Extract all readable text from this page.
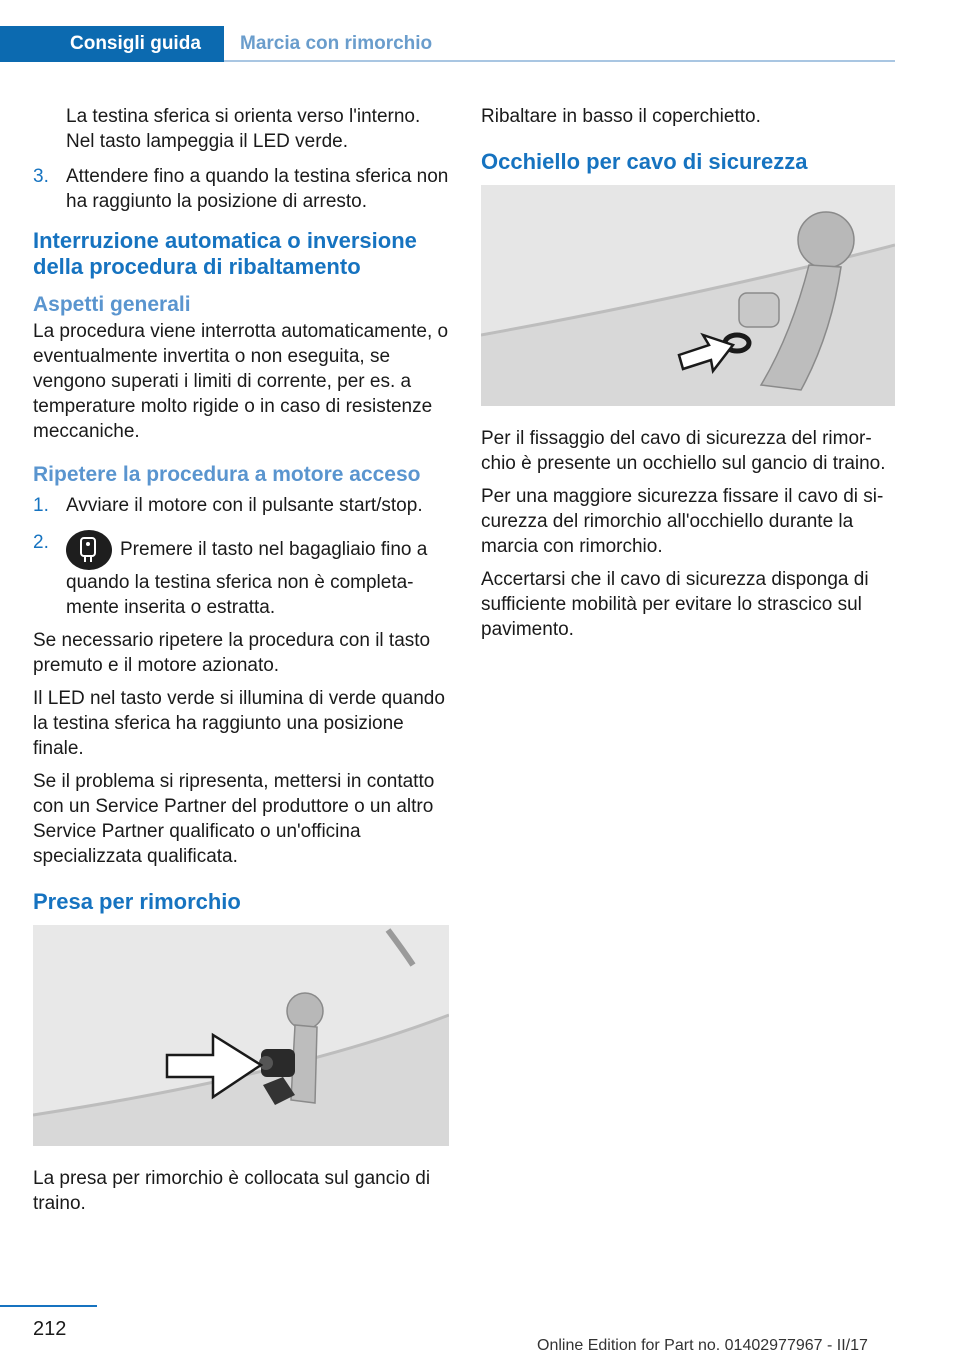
Consigli guida	Marcia con rimorchio
La testina sferica si orienta verso l'interno. Nel tasto lampeggia il LED verde.
3. Attendere fino a quando la testina sferica non ha raggiunto la posizione di arresto.
Interruzione automatica o inversione della procedura di ribaltamento
Aspetti generali

La procedura viene interrotta automaticamente, o eventualmente invertita o non eseguita, se vengono superati i limiti di corrente, per es. a temperature molto rigide o in caso di resistenze meccaniche.

Ripetere la procedura a motore acceso
1. Avviare il motore con il pulsante start/stop.
2.	Premere il tasto nel bagagliaio fino a quando la testina sferica non è completamente inserita o estratta.

Se necessario ripetere la procedura con il tasto premuto e il motore azionato.

Il LED nel tasto verde si illumina di verde quando la testina sferica ha raggiunto una posizione finale.

Se il problema si ripresenta, mettersi in contatto con un Service Partner del produttore o un altro Service Partner qualificato o un'officina specializzata qualificata.

Presa per rimorchio

La presa per rimorchio è collocata sul gancio di traino.

Ribaltare in basso il coperchietto.

Occhiello per cavo di sicurezza

Per il fissaggio del cavo di sicurezza del rimorchio è presente un occhiello sul gancio di traino.

Per una maggiore sicurezza fissare il cavo di sicurezza del rimorchio all'occhiello durante la marcia con rimorchio.

Accertarsi che il cavo di sicurezza disponga di sufficiente mobilità per evitare lo strascico sul pavimento.

212
Online Edition for Part no. 01402977967 - II/17
